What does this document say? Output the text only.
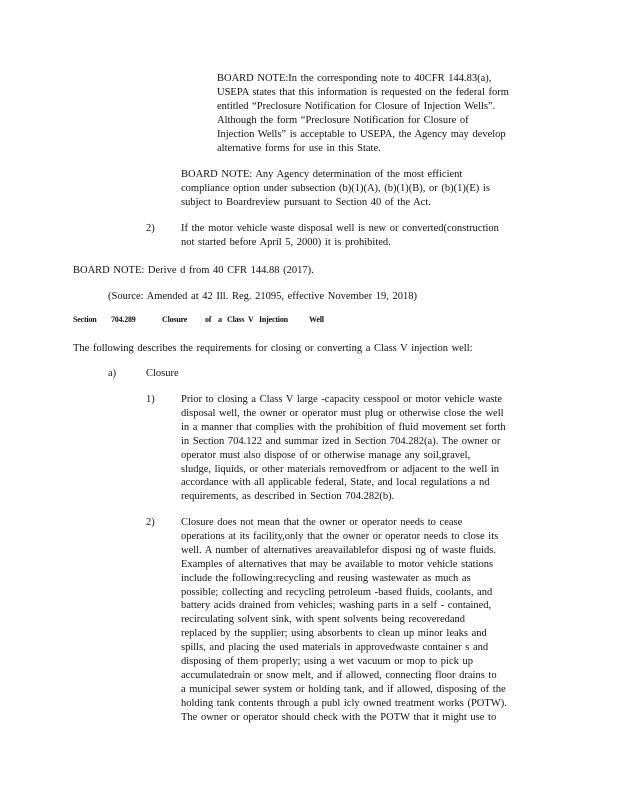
BOARD NOTE:In the corresponding note to 40CFR 144.83(a),
USEPA states that this information is requested on the federal form
entitled “Preclosure Notification for Closure of Injection Wells”.
Although the form “Preclosure Notification for Closure of
Injection Wells” is acceptable to USEPA, the Agency may develop
alternative forms for use in this State.
BOARD NOTE: Any Agency determination of the most efficient
compliance option under subsection (b)(1)(A), (b)(1)(B), or (b)(1)(E) is
subject to Boardreview pursuant to Section 40 of the Act.
2)	If the motor vehicle waste disposal well is new or converted(construction
not started before April 5, 2000) it is prohibited.
BOARD NOTE: Derive d from 40 CFR 144.88 (2017).
(Source: Amended at 42 Ill. Reg. 21095, effective November 19, 2018)
Section 704.289	Closure of a Class V Injection	Well
The following describes the requirements for closing or converting a Class V injection well:
a)	Closure
1)	Prior to closing a Class V large -capacity cesspool or motor vehicle waste
disposal well, the owner or operator must plug or otherwise close the well
in a manner that complies with the prohibition of fluid movement set forth
in Section 704.122 and summar ized in Section 704.282(a). The owner or
operator must also dispose of or otherwise manage any soil,gravel,
sludge, liquids, or other materials removedfrom or adjacent to the well in
accordance with all applicable federal, State, and local regulations a nd
requirements, as described in Section 704.282(b).
2)	Closure does not mean that the owner or operator needs to cease
operations at its facility,only that the owner or operator needs to close its
well. A number of alternatives areavailablefor disposi ng of waste fluids.
Examples of alternatives that may be available to motor vehicle stations
include the following:recycling and reusing wastewater as much as
possible; collecting and recycling petroleum -based fluids, coolants, and
battery acids drained from vehicles; washing parts in a self - contained,
recirculating solvent sink, with spent solvents being recoveredand
replaced by the supplier; using absorbents to clean up minor leaks and
spills, and placing the used materials in approvedwaste container s and
disposing of them properly; using a wet vacuum or mop to pick up
accumulatedrain or snow melt, and if allowed, connecting floor drains to
a municipal sewer system or holding tank, and if allowed, disposing of the
holding tank contents through a publ icly owned treatment works (POTW).
The owner or operator should check with the POTW that it might use to
